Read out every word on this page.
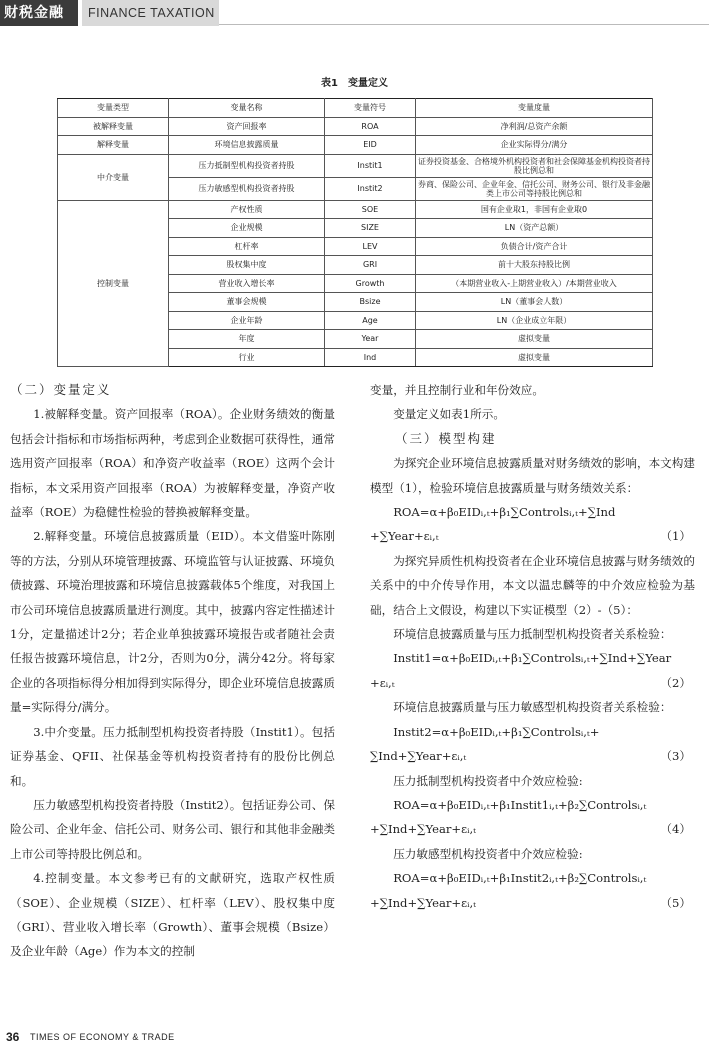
财税金融	FINANCE TAXATION
表1　变量定义
变量类型	变量名称	变量符号	变量度量
被解释变量	资产回报率	ROA	净利润/总资产余额
解释变量	环境信息披露质量	EID	企业实际得分/满分
中介变量	压力抵制型机构投资者持股	Instit1	证券投资基金、合格境外机构投资者和社会保障基金机构投资者持股比例总和
	压力敏感型机构投资者持股	Instit2	券商、保险公司、企业年金、信托公司、财务公司、银行及非金融类上市公司等持股比例总和
控制变量	产权性质	SOE	国有企业取1，非国有企业取0
	企业规模	SIZE	LN（资产总额）
	杠杆率	LEV	负债合计/资产合计
	股权集中度	GRI	前十大股东持股比例
	营业收入增长率	Growth	（本期营业收入-上期营业收入）/本期营业收入
	董事会规模	Bsize	LN（董事会人数）
	企业年龄	Age	LN（企业成立年限）
	年度	Year	虚拟变量
	行业	Ind	虚拟变量

（二）变量定义

1.被解释变量。资产回报率（ROA）。企业财务绩效的衡量包括会计指标和市场指标两种，考虑到企业数据可获得性，通常选用资产回报率（ROA）和净资产收益率（ROE）这两个会计指标，本文采用资产回报率（ROA）为被解释变量，净资产收益率（ROE）为稳健性检验的替换被解释变量。

2.解释变量。环境信息披露质量（EID）。本文借鉴叶陈刚等的方法，分别从环境管理披露、环境监管与认证披露、环境负债披露、环境治理披露和环境信息披露载体5个维度，对我国上市公司环境信息披露质量进行测度。其中，披露内容定性描述计1分，定量描述计2分；若企业单独披露环境报告或者随社会责任报告披露环境信息，计2分，否则为0分，满分42分。将每家企业的各项指标得分相加得到实际得分，即企业环境信息披露质量=实际得分/满分。

3.中介变量。压力抵制型机构投资者持股（Instit1）。包括证券基金、QFII、社保基金等机构投资者持有的股份比例总和。

压力敏感型机构投资者持股（Instit2）。包括证券公司、保险公司、企业年金、信托公司、财务公司、银行和其他非金融类上市公司等持股比例总和。

4.控制变量。本文参考已有的文献研究，选取产权性质（SOE）、企业规模（SIZE）、杠杆率（LEV）、股权集中度（GRI）、营业收入增长率（Growth）、董事会规模（Bsize）及企业年龄（Age）作为本文的控制

变量，并且控制行业和年份效应。

变量定义如表1所示。

（三）模型构建

为探究企业环境信息披露质量对财务绩效的影响，本文构建模型（1），检验环境信息披露质量与财务绩效关系：

ROA=α+β₀EIDᵢ,ₜ+β₁∑Controlsᵢ,ₜ+∑Ind

+∑Year+εᵢ,ₜ	（1）

为探究异质性机构投资者在企业环境信息披露与财务绩效的关系中的中介传导作用，本文以温忠麟等的中介效应检验为基础，结合上文假设，构建以下实证模型（2）-（5）：

环境信息披露质量与压力抵制型机构投资者关系检验：

Instit1=α+β₀EIDᵢ,ₜ+β₁∑Controlsᵢ,ₜ+∑Ind+∑Year

+εᵢ,ₜ	（2）

环境信息披露质量与压力敏感型机构投资者关系检验：

Instit2=α+β₀EIDᵢ,ₜ+β₁∑Controlsᵢ,ₜ+

∑Ind+∑Year+εᵢ,ₜ	（3）

压力抵制型机构投资者中介效应检验:

ROA=α+β₀EIDᵢ,ₜ+β₁Instit1ᵢ,ₜ+β₂∑Controlsᵢ,ₜ

+∑Ind+∑Year+εᵢ,ₜ	（4）

压力敏感型机构投资者中介效应检验:

ROA=α+β₀EIDᵢ,ₜ+β₁Instit2ᵢ,ₜ+β₂∑Controlsᵢ,ₜ

+∑Ind+∑Year+εᵢ,ₜ	（5）
36 TIMES OF ECONOMY & TRADE
